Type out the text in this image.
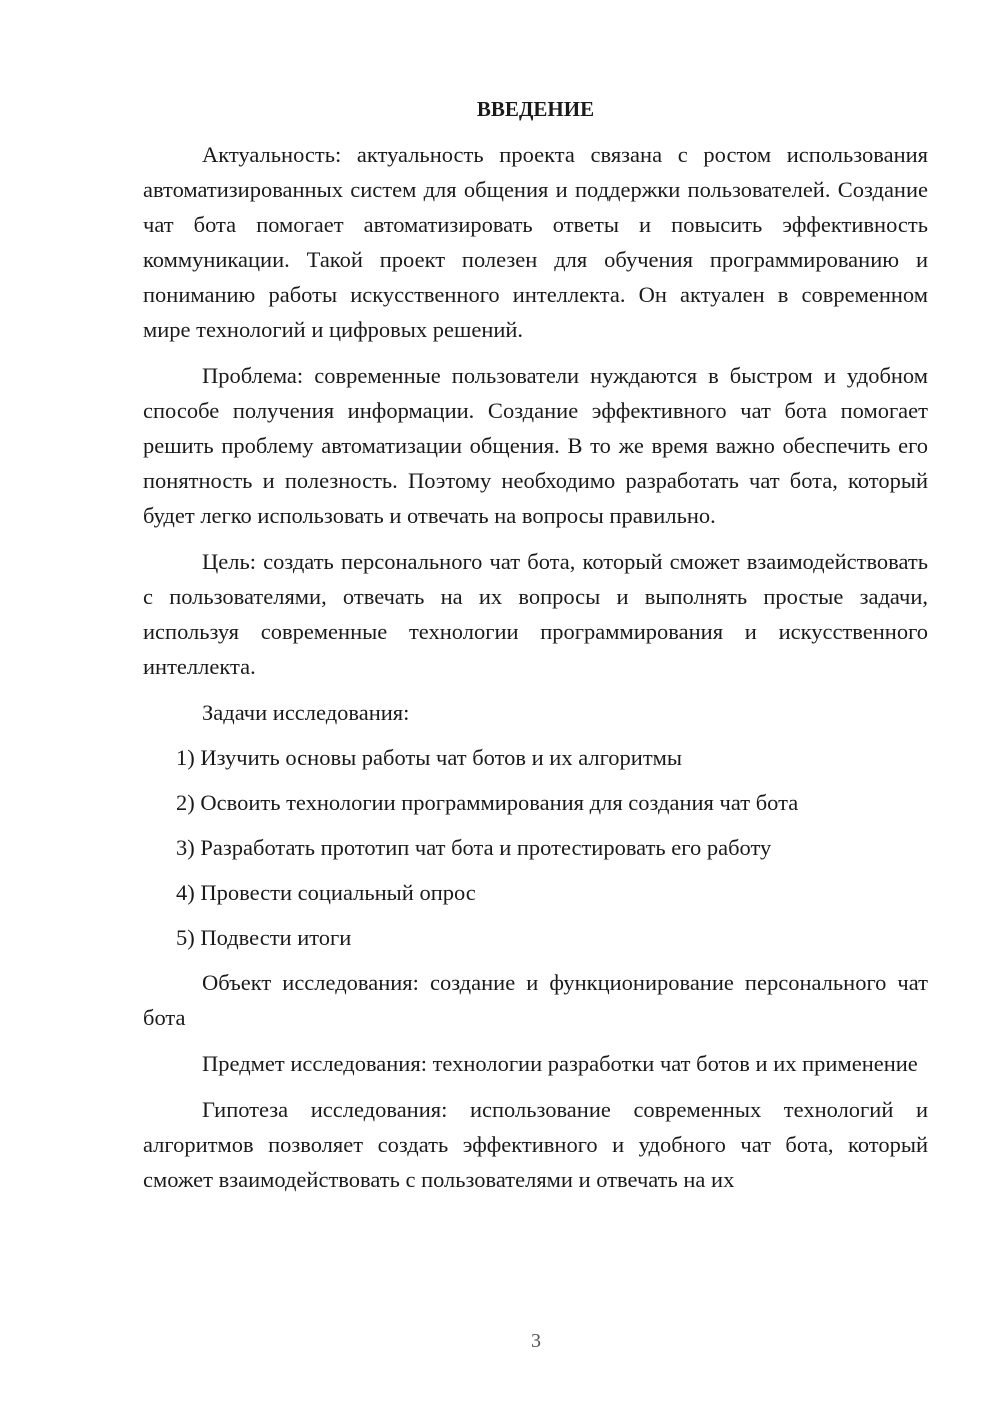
ВВЕДЕНИЕ
Актуальность: актуальность проекта связана с ростом использования автоматизированных систем для общения и поддержки пользователей. Создание чат бота помогает автоматизировать ответы и повысить эффективность коммуникации. Такой проект полезен для обучения программированию и пониманию работы искусственного интеллекта. Он актуален в современном мире технологий и цифровых решений.
Проблема: современные пользователи нуждаются в быстром и удобном способе получения информации. Создание эффективного чат бота помогает решить проблему автоматизации общения. В то же время важно обеспечить его понятность и полезность. Поэтому необходимо разработать чат бота, который будет легко использовать и отвечать на вопросы правильно.
Цель: создать персонального чат бота, который сможет взаимодействовать с пользователями, отвечать на их вопросы и выполнять простые задачи, используя современные технологии программирования и искусственного интеллекта.
Задачи исследования:
1) Изучить основы работы чат ботов и их алгоритмы
2) Освоить технологии программирования для создания чат бота
3) Разработать прототип чат бота и протестировать его работу
4) Провести социальный опрос
5) Подвести итоги
Объект исследования: создание и функционирование персонального чат бота
Предмет исследования: технологии разработки чат ботов и их применение
Гипотеза исследования: использование современных технологий и алгоритмов позволяет создать эффективного и удобного чат бота, который сможет взаимодействовать с пользователями и отвечать на их
3
